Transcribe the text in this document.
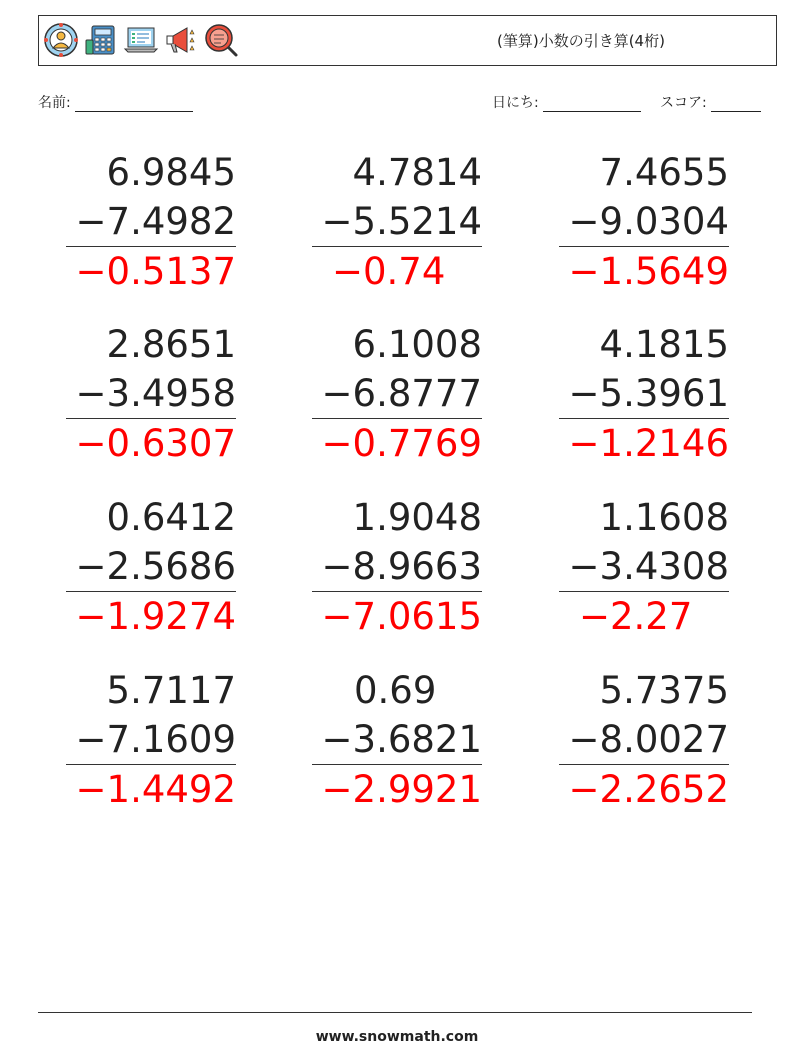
(筆算)小数の引き算(4桁)
名前:	日にち:	スコア:
6.9845
−7.4982
−0.5137
4.7814
−5.5214
−0.74
7.4655
−9.0304
−1.5649
2.8651
−3.4958
−0.6307
6.1008
−6.8777
−0.7769
4.1815
−5.3961
−1.2146
0.6412
−2.5686
−1.9274
1.9048
−8.9663
−7.0615
1.1608
−3.4308
−2.27
5.7117
−7.1609
−1.4492
0.69
−3.6821
−2.9921
5.7375
−8.0027
−2.2652
www.snowmath.com
